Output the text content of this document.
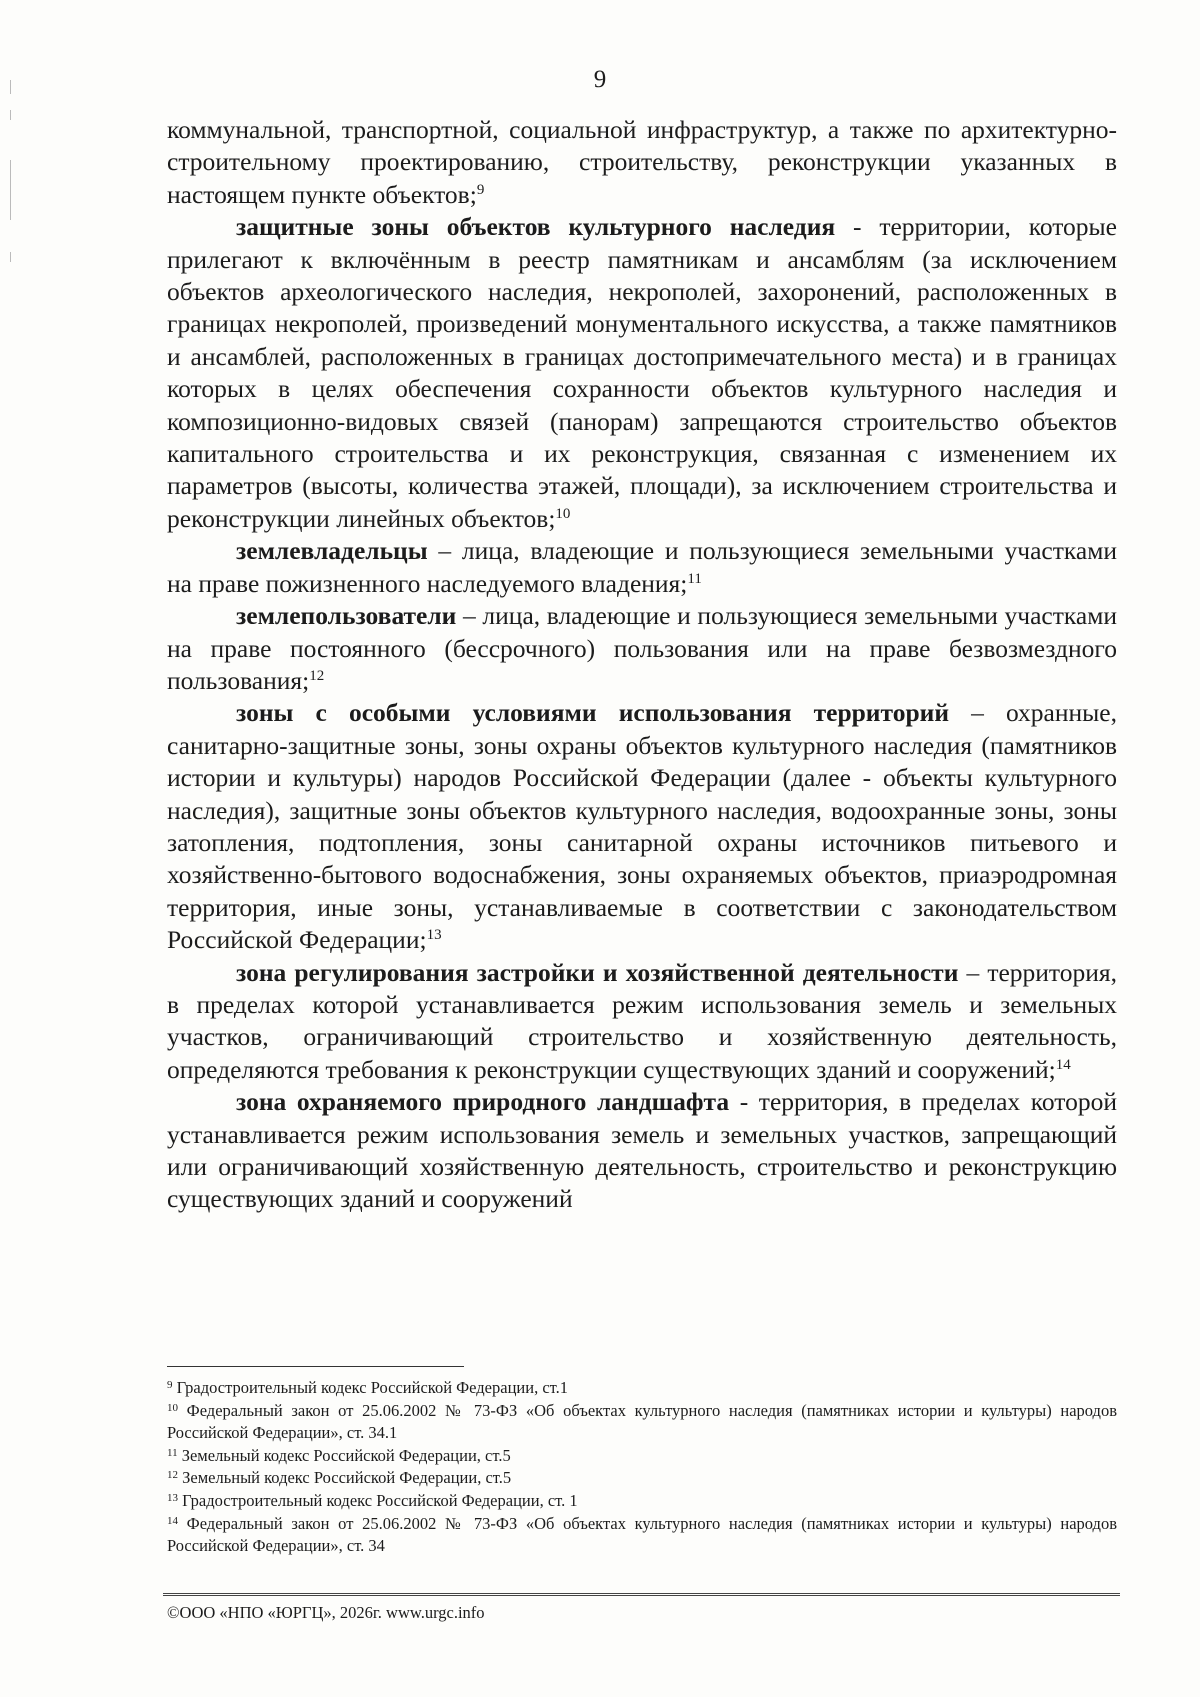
9

коммунальной, транспортной, социальной инфраструктур, а также по архитектурно-строительному проектированию, строительству, реконструкции указанных в настоящем пункте объектов;$^9$

защитные зоны объектов культурного наследия - территории, которые прилегают к включённым в реестр памятникам и ансамблям (за исключением объектов археологического наследия, некрополей, захоронений, расположенных в границах некрополей, произведений монументального искусства, а также памятников и ансамблей, расположенных в границах достопримечательного места) и в границах которых в целях обеспечения сохранности объектов культурного наследия и композиционно-видовых связей (панорам) запрещаются строительство объектов капитального строительства и их реконструкция, связанная с изменением их параметров (высоты, количества этажей, площади), за исключением строительства и реконструкции линейных объектов;$^{10}$

землевладельцы – лица, владеющие и пользующиеся земельными участками на праве пожизненного наследуемого владения;$^{11}$

землепользователи – лица, владеющие и пользующиеся земельными участками на праве постоянного (бессрочного) пользования или на праве безвозмездного пользования;$^{12}$

зоны с особыми условиями использования территорий – охранные, санитарно-защитные зоны, зоны охраны объектов культурного наследия (памятников истории и культуры) народов Российской Федерации (далее - объекты культурного наследия), защитные зоны объектов культурного наследия, водоохранные зоны, зоны затопления, подтопления, зоны санитарной охраны источников питьевого и хозяйственно-бытового водоснабжения, зоны охраняемых объектов, приаэродромная территория, иные зоны, устанавливаемые в соответствии с законодательством Российской Федерации;$^{13}$

зона регулирования застройки и хозяйственной деятельности – территория, в пределах которой устанавливается режим использования земель и земельных участков, ограничивающий строительство и хозяйственную деятельность, определяются требования к реконструкции существующих зданий и сооружений;$^{14}$

зона охраняемого природного ландшафта - территория, в пределах которой устанавливается режим использования земель и земельных участков, запрещающий или ограничивающий хозяйственную деятельность, строительство и реконструкцию существующих зданий и сооружений

$^9$ Градостроительный кодекс Российской Федерации, ст.1

$^{10}$ Федеральный закон от 25.06.2002 № 73-ФЗ «Об объектах культурного наследия (памятниках истории и культуры) народов Российской Федерации», ст. 34.1

$^{11}$ Земельный кодекс Российской Федерации, ст.5

$^{12}$ Земельный кодекс Российской Федерации, ст.5

$^{13}$ Градостроительный кодекс Российской Федерации, ст. 1

$^{14}$ Федеральный закон от 25.06.2002 № 73-ФЗ «Об объектах культурного наследия (памятниках истории и культуры) народов Российской Федерации», ст. 34

©ООО «НПО «ЮРГЦ», 2026г. www.urgc.info
